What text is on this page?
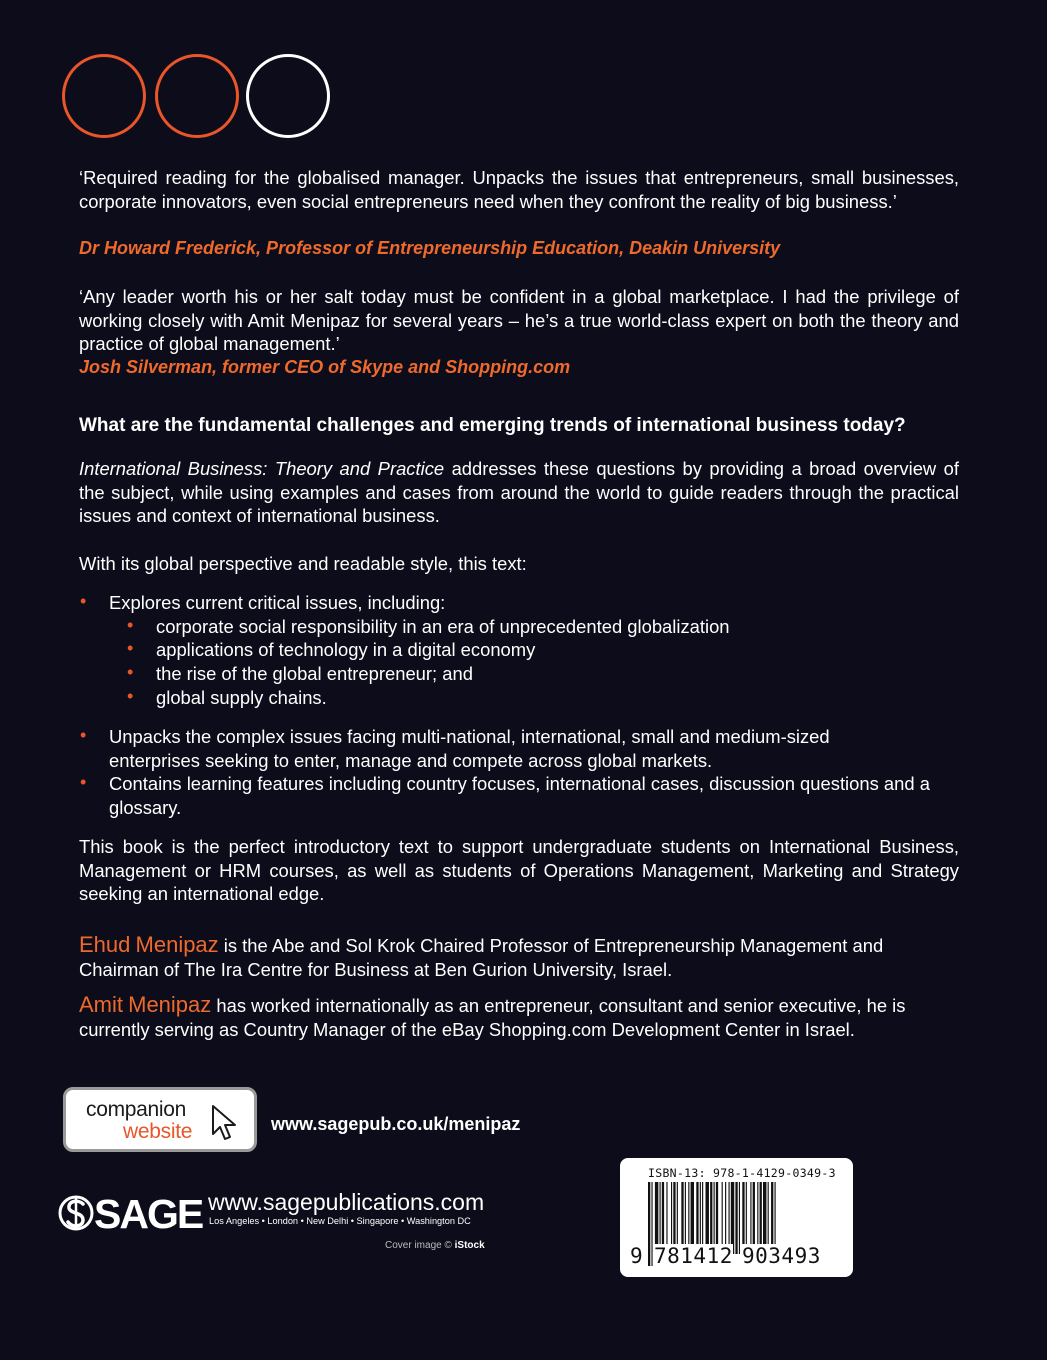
‘Required reading for the globalised manager. Unpacks the issues that entrepreneurs, small businesses, corporate innovators, even social entrepreneurs need when they confront the reality of big business.’
Dr Howard Frederick, Professor of Entrepreneurship Education, Deakin University
‘Any leader worth his or her salt today must be confident in a global marketplace. I had the privilege of working closely with Amit Menipaz for several years – he’s a true world-class expert on both the theory and practice of global management.’
Josh Silverman, former CEO of Skype and Shopping.com
What are the fundamental challenges and emerging trends of international business today?
International Business: Theory and Practice addresses these questions by providing a broad overview of the subject, while using examples and cases from around the world to guide readers through the practical issues and context of international business.
With its global perspective and readable style, this text:
• Explores current critical issues, including:
• corporate social responsibility in an era of unprecedented globalization
• applications of technology in a digital economy
• the rise of the global entrepreneur; and
• global supply chains.
• Unpacks the complex issues facing multi-national, international, small and medium-sized enterprises seeking to enter, manage and compete across global markets.
• Contains learning features including country focuses, international cases, discussion questions and a glossary.
This book is the perfect introductory text to support undergraduate students on International Business, Management or HRM courses, as well as students of Operations Management, Marketing and Strategy seeking an international edge.
Ehud Menipaz is the Abe and Sol Krok Chaired Professor of Entrepreneurship Management and Chairman of The Ira Centre for Business at Ben Gurion University, Israel.
Amit Menipaz has worked internationally as an entrepreneur, consultant and senior executive, he is currently serving as Country Manager of the eBay Shopping.com Development Center in Israel.
companion
website	www.sagepub.co.uk/menipaz
SAGE www.sagepublications.com
Los Angeles • London • New Delhi • Singapore • Washington DC
Cover image © iStock
ISBN-13: 978-1-4129-0349-3
9 781412 903493
